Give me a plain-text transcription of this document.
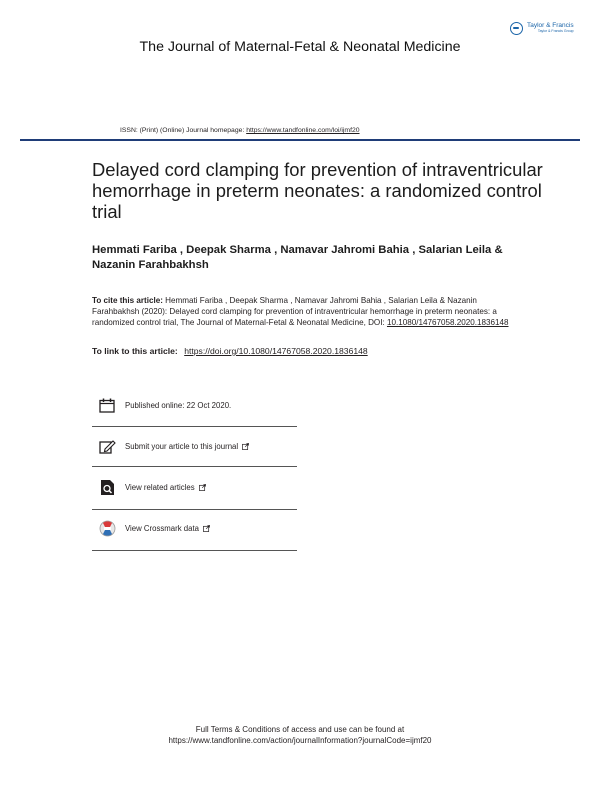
Taylor & Francis
Taylor & Francis Group
The Journal of Maternal-Fetal & Neonatal Medicine
ISSN: (Print) (Online) Journal homepage: https://www.tandfonline.com/loi/ijmf20
Delayed cord clamping for prevention of intraventricular hemorrhage in preterm neonates: a randomized control trial
Hemmati Fariba , Deepak Sharma , Namavar Jahromi Bahia , Salarian Leila & Nazanin Farahbakhsh
To cite this article: Hemmati Fariba , Deepak Sharma , Namavar Jahromi Bahia , Salarian Leila & Nazanin Farahbakhsh (2020): Delayed cord clamping for prevention of intraventricular hemorrhage in preterm neonates: a randomized control trial, The Journal of Maternal-Fetal & Neonatal Medicine, DOI: 10.1080/14767058.2020.1836148
To link to this article: https://doi.org/10.1080/14767058.2020.1836148
Published online: 22 Oct 2020.
Submit your article to this journal
View related articles
View Crossmark data
Full Terms & Conditions of access and use can be found at
https://www.tandfonline.com/action/journalInformation?journalCode=ijmf20
